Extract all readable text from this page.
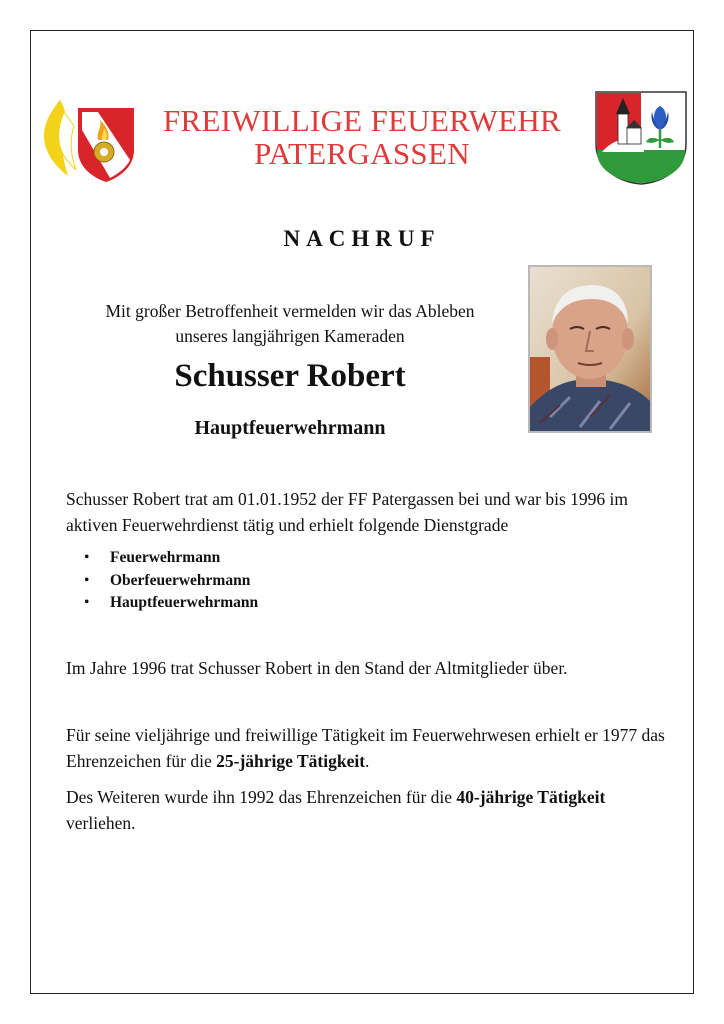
FREIWILLIGE FEUERWEHR
PATERGASSEN
NACHRUF
Mit großer Betroffenheit vermelden wir das Ableben
unseres langjährigen Kameraden
Schusser Robert
Hauptfeuerwehrmann
Schusser Robert trat am 01.01.1952 der FF Patergassen bei und war bis 1996 im aktiven Feuerwehrdienst tätig und erhielt folgende Dienstgrade
• Feuerwehrmann
• Oberfeuerwehrmann
• Hauptfeuerwehrmann
Im Jahre 1996 trat Schusser Robert in den Stand der Altmitglieder über.
Für seine vieljährige und freiwillige Tätigkeit im Feuerwehrwesen erhielt er 1977 das Ehrenzeichen für die 25-jährige Tätigkeit.
Des Weiteren wurde ihn 1992 das Ehrenzeichen für die 40-jährige Tätigkeit verliehen.
